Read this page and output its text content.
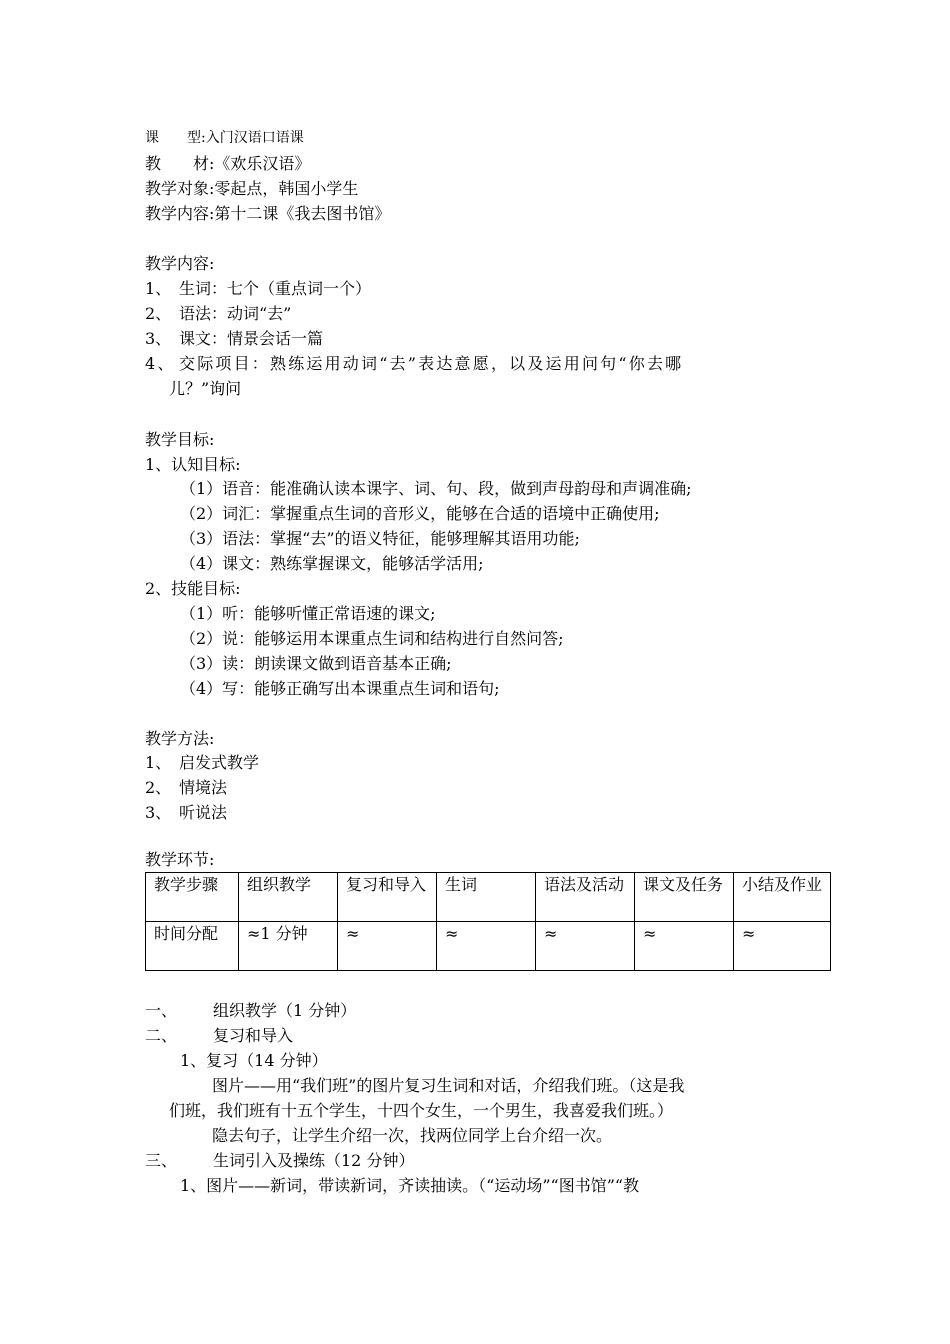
课　　型:入门汉语口语课
教　　材:《欢乐汉语》
教学对象:零起点，韩国小学生
教学内容:第十二课《我去图书馆》
教学内容:
1、 生词：七个（重点词一个）
2、 语法：动词“去”
3、 课文：情景会话一篇
4、 交际项目：熟练运用动词“去”表达意愿，以及运用问句“你去哪
儿？”询问
教学目标:
1、认知目标:
（1）语音：能准确认读本课字、词、句、段，做到声母韵母和声调准确;
（2）词汇：掌握重点生词的音形义，能够在合适的语境中正确使用;
（3）语法：掌握“去”的语义特征，能够理解其语用功能;
（4）课文：熟练掌握课文，能够活学活用;
2、技能目标:
（1）听：能够听懂正常语速的课文;
（2）说：能够运用本课重点生词和结构进行自然问答;
（3）读：朗读课文做到语音基本正确;
（4）写：能够正确写出本课重点生词和语句;
教学方法:
1、 启发式教学
2、 情境法
3、 听说法
教学环节:
教学步骤	组织教学	复习和导入	生词	语法及活动	课文及任务	小结及作业
时间分配	≈1 分钟	≈	≈	≈	≈	≈
一、 组织教学（1 分钟）
二、 复习和导入
1、复习（14 分钟）
图片——用“我们班”的图片复习生词和对话，介绍我们班。（这是我
们班，我们班有十五个学生，十四个女生，一个男生，我喜爱我们班。）
隐去句子，让学生介绍一次，找两位同学上台介绍一次。
三、 生词引入及操练（12 分钟）
1、图片——新词，带读新词，齐读抽读。（“运动场”“图书馆”“教
